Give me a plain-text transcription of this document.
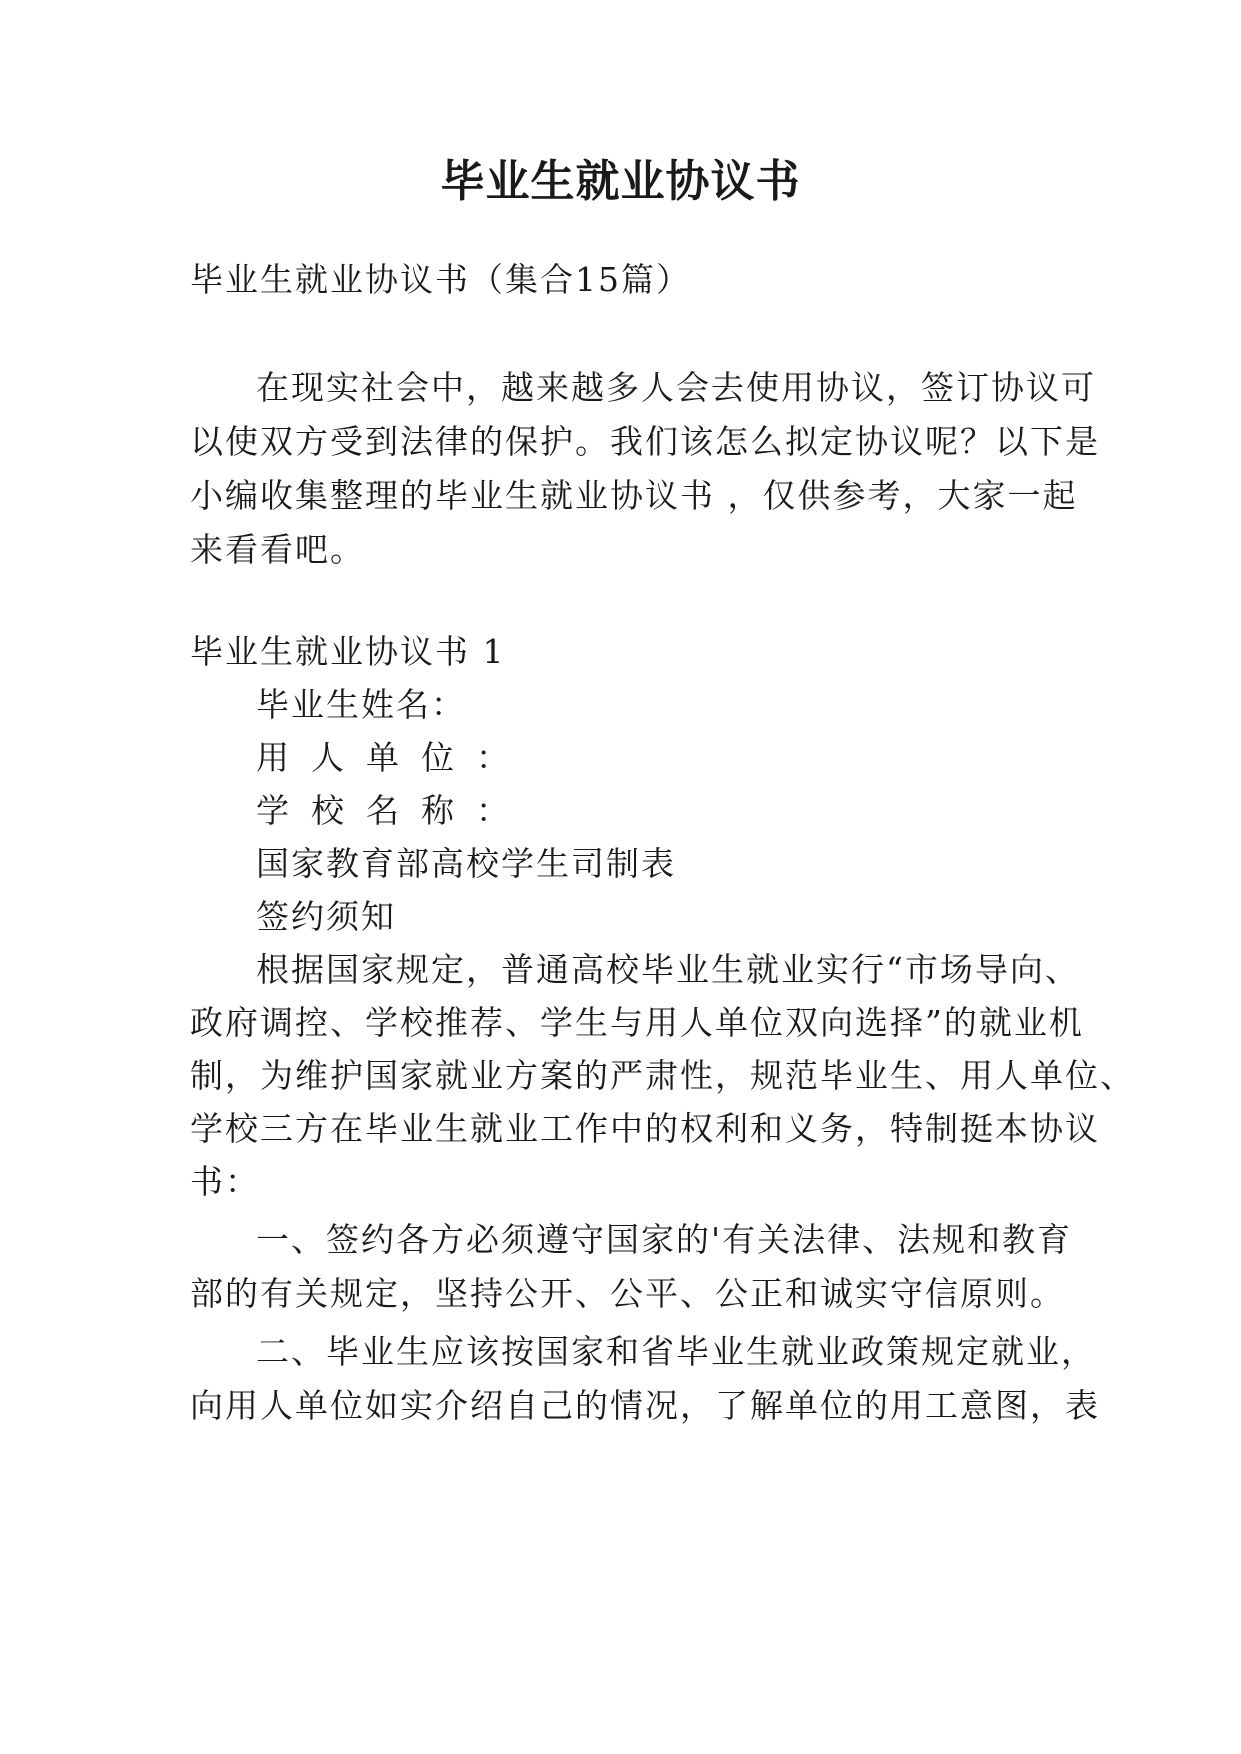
毕业生就业协议书
毕业生就业协议书（集合15篇）
在现实社会中，越来越多人会去使用协议，签订协议可
以使双方受到法律的保护。我们该怎么拟定协议呢？以下是
小编收集整理的毕业生就业协议书 ，仅供参考，大家一起
来看看吧。
毕业生就业协议书 1
毕业生姓名：
用人单位：
学校名称：
国家教育部高校学生司制表
签约须知
根据国家规定，普通高校毕业生就业实行“市场导向、
政府调控、学校推荐、学生与用人单位双向选择”的就业机
制，为维护国家就业方案的严肃性，规范毕业生、用人单位、
学校三方在毕业生就业工作中的权利和义务，特制挺本协议
书：
一、签约各方必须遵守国家的'有关法律、法规和教育
部的有关规定，坚持公开、公平、公正和诚实守信原则。
二、毕业生应该按国家和省毕业生就业政策规定就业，
向用人单位如实介绍自己的情况，了解单位的用工意图，表
